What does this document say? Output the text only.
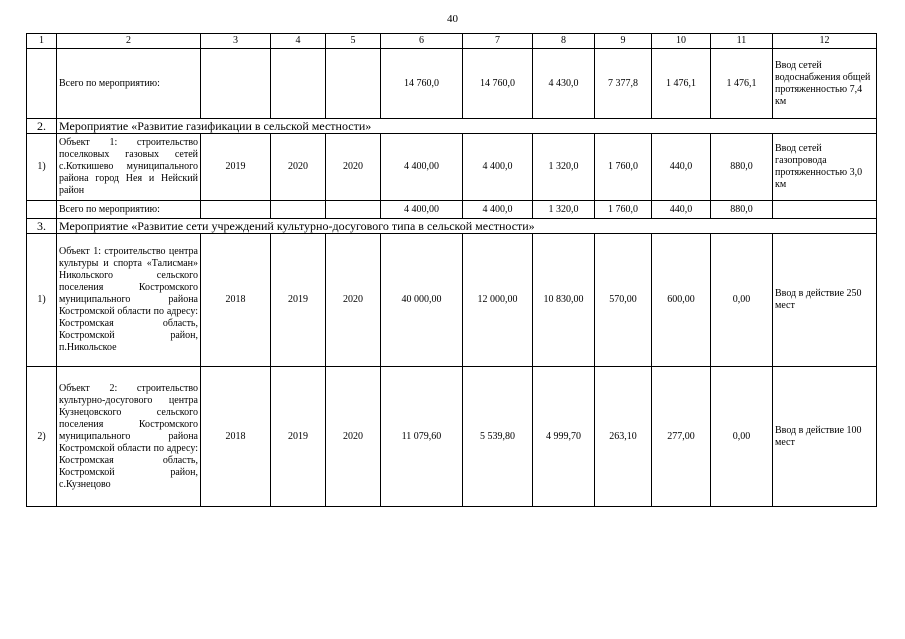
40
1	2	3	4	5	6	7	8	9	10	11	12
	Всего по мероприятию:				14 760,0	14 760,0	4 430,0	7 377,8	1 476,1	1 476,1	Ввод сетей водоснабжения общей протяженностью 7,4 км
2.	Мероприятие «Развитие газификации в сельской местности»										
1)	Объект 1: строительство поселковых газовых сетей с.Коткишево муниципального района город Нея и Нейский район	2019	2020	2020	4 400,00	4 400,0	1 320,0	1 760,0	440,0	880,0	Ввод сетей газопровода протяженностью 3,0 км
	Всего по мероприятию:				4 400,00	4 400,0	1 320,0	1 760,0	440,0	880,0	
3.	Мероприятие «Развитие сети учреждений культурно-досугового типа в сельской местности»										
1)	Объект 1: строительство центра культуры и спорта «Талисман» Никольского сельского поселения Костромского муниципального района Костромской области по адресу: Костромская область, Костромской район, п.Никольское	2018	2019	2020	40 000,00	12 000,00	10 830,00	570,00	600,00	0,00	Ввод в действие 250 мест
2)	Объект 2: строительство культурно-досугового центра Кузнецовского сельского поселения Костромского муниципального района Костромской области по адресу: Костромская область, Костромской район, с.Кузнецово	2018	2019	2020	11 079,60	5 539,80	4 999,70	263,10	277,00	0,00	Ввод в действие 100 мест
